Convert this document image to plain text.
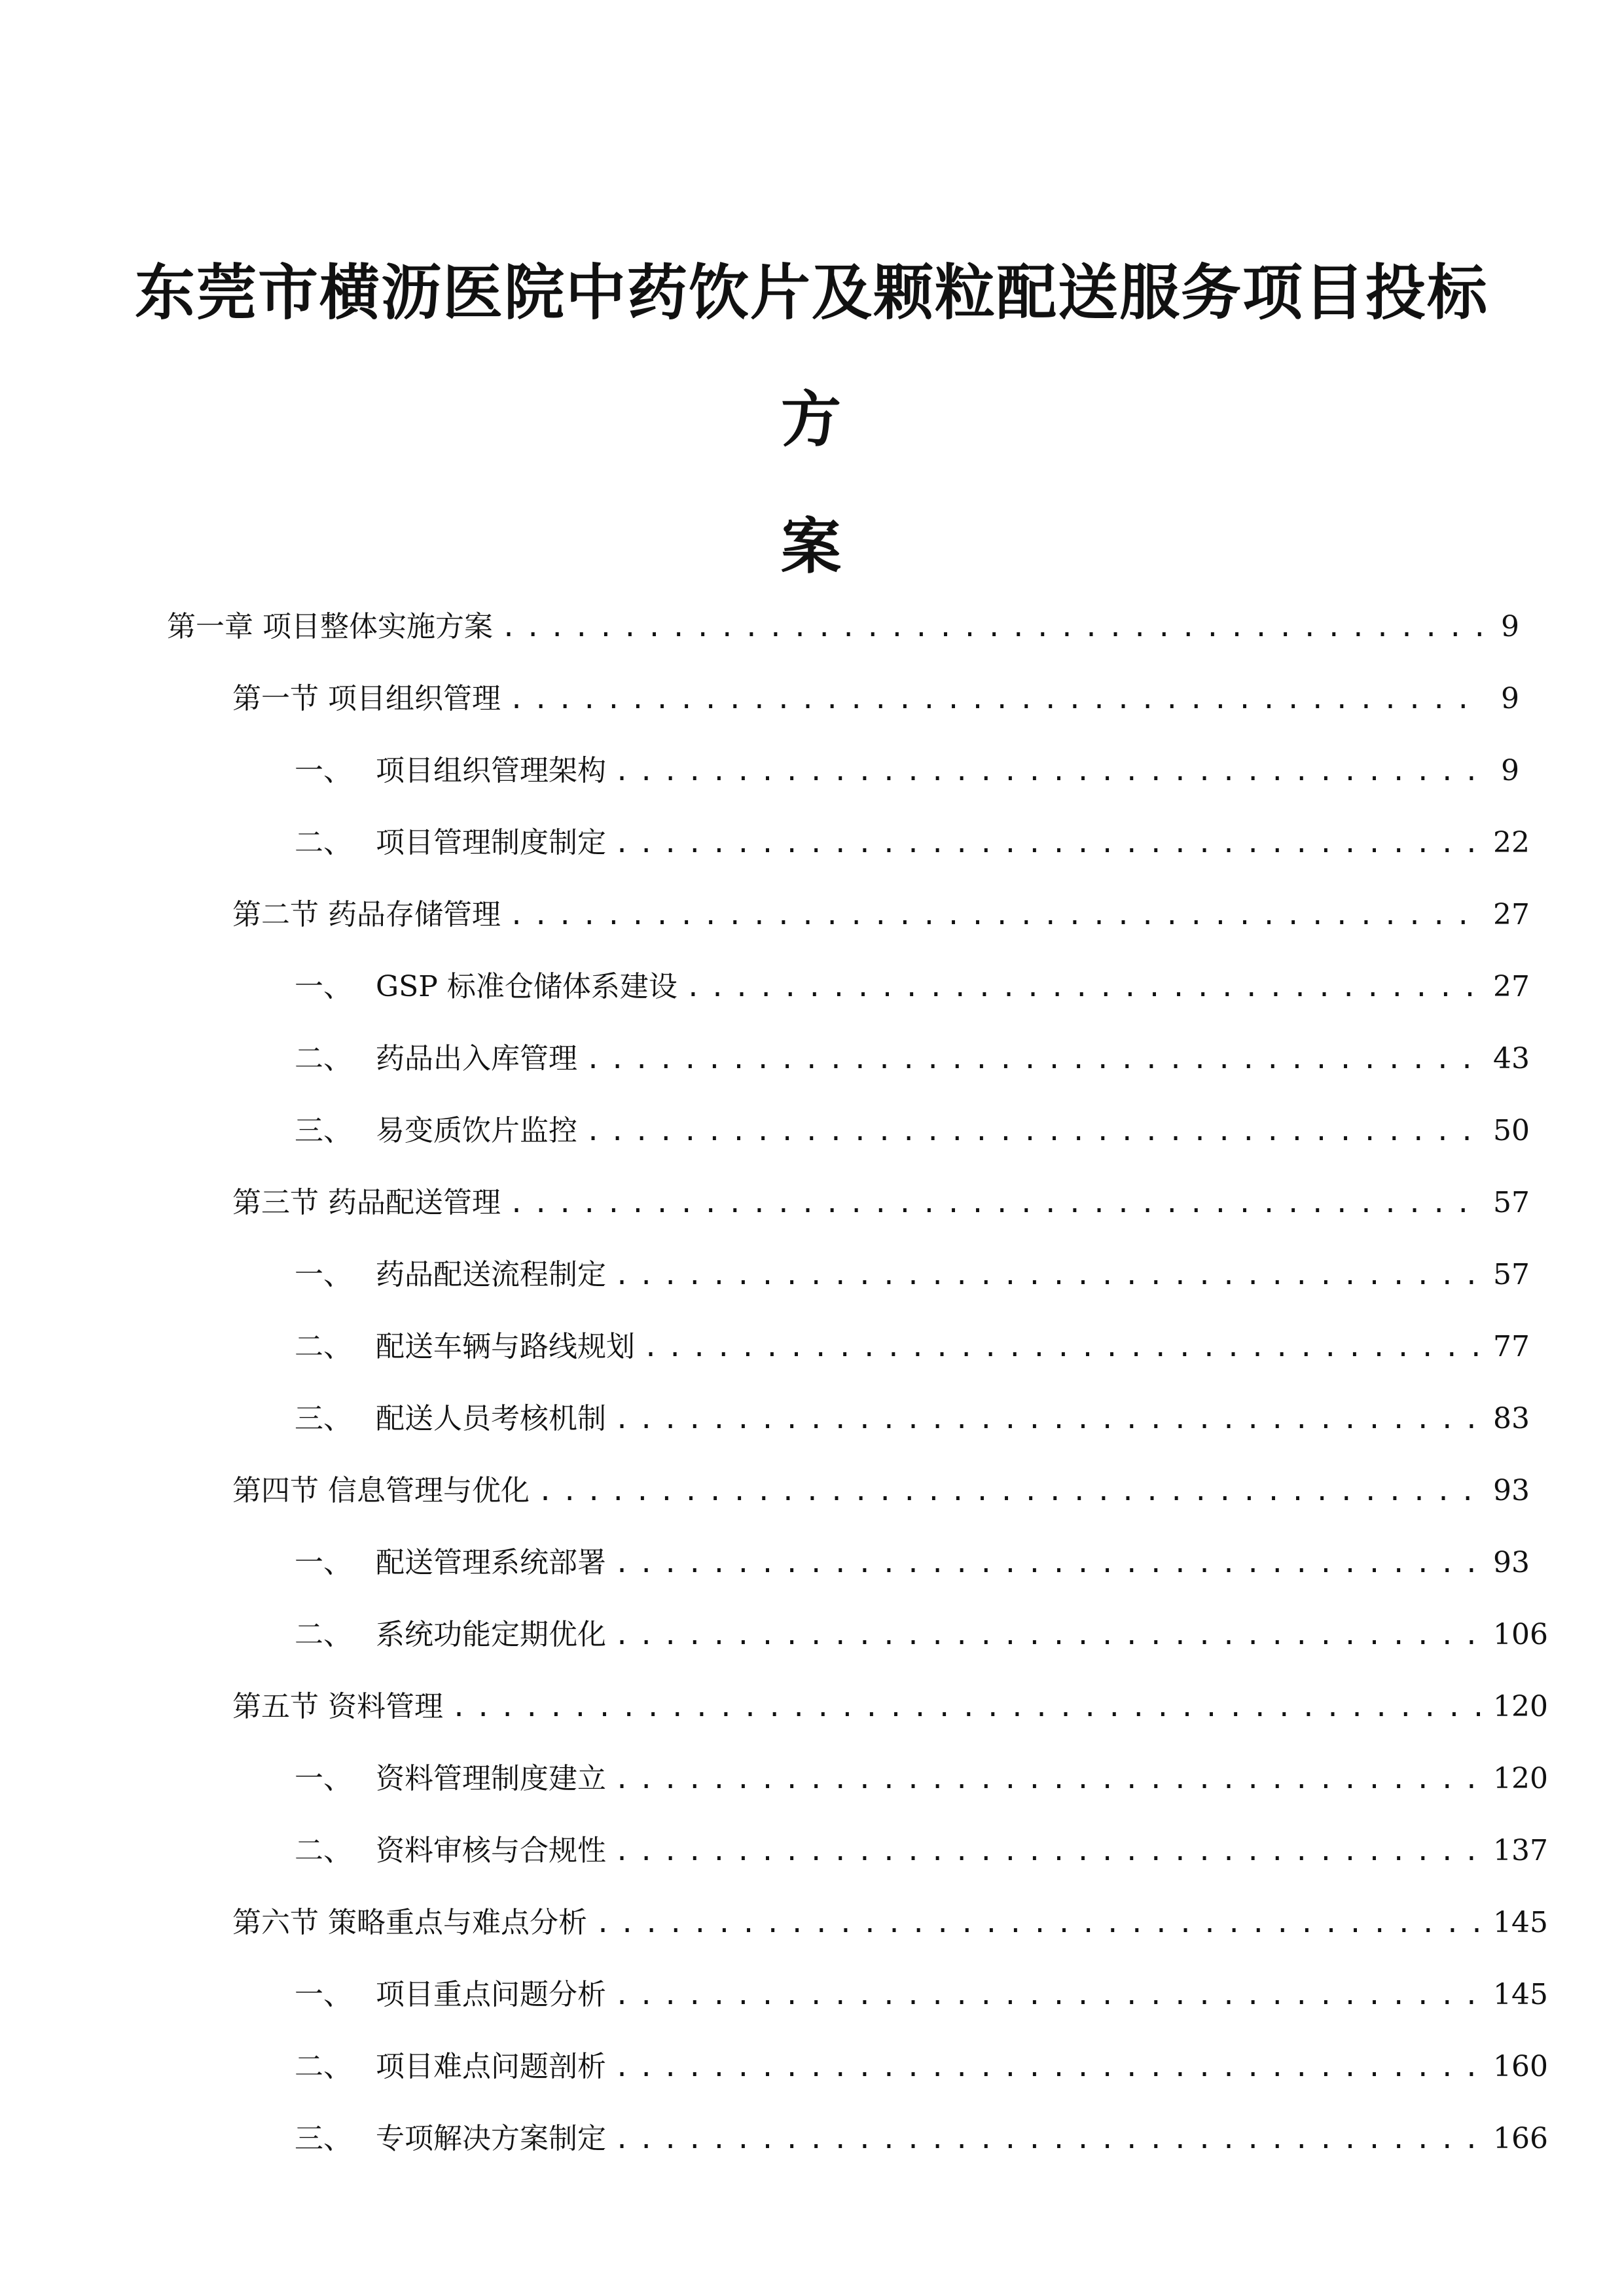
东莞市横沥医院中药饮片及颗粒配送服务项目投标方
案
第一章 项目整体实施方案 .....	9
第一节 项目组织管理 .....	9
一、 项目组织管理架构 .....	9
二、 项目管理制度制定 .....	22
第二节 药品存储管理 .....	27
一、 GSP 标准仓储体系建设 .....	27
二、 药品出入库管理 .....	43
三、 易变质饮片监控 .....	50
第三节 药品配送管理 .....	57
一、 药品配送流程制定 .....	57
二、 配送车辆与路线规划 .....	77
三、 配送人员考核机制 .....	83
第四节 信息管理与优化 .....	93
一、 配送管理系统部署 .....	93
二、 系统功能定期优化 .....	106
第五节 资料管理 .....	120
一、 资料管理制度建立 .....	120
二、 资料审核与合规性 .....	137
第六节 策略重点与难点分析 .....	145
一、 项目重点问题分析 .....	145
二、 项目难点问题剖析 .....	160
三、 专项解决方案制定 .....	166
